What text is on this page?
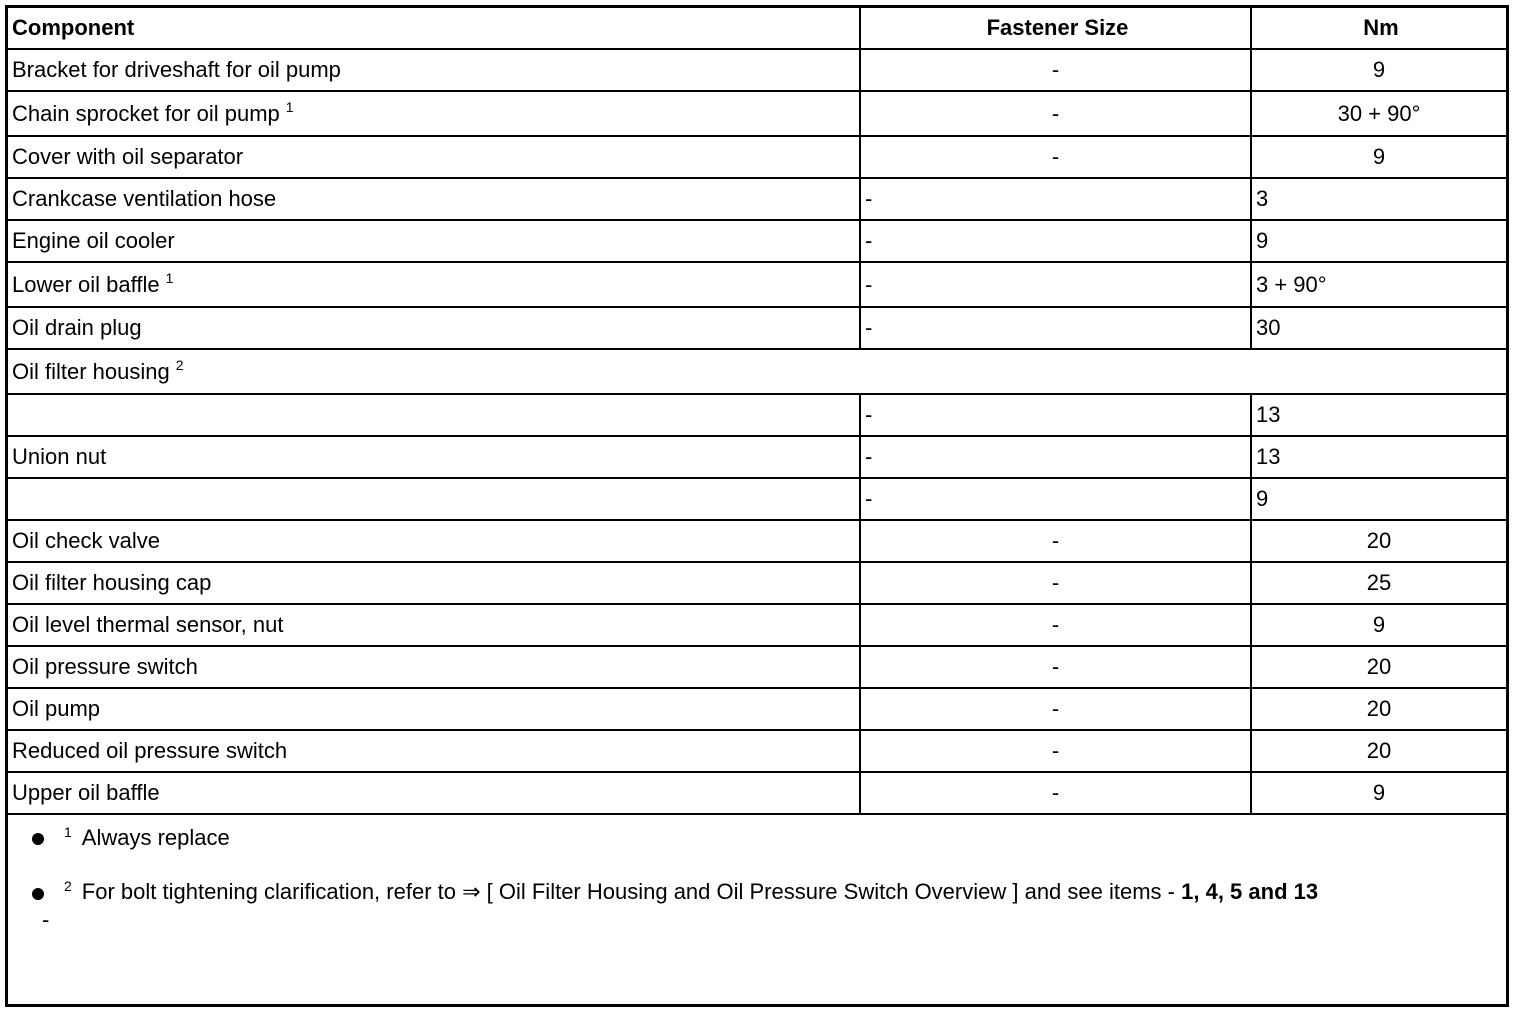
Component	Fastener Size	Nm
Bracket for driveshaft for oil pump	-	9
Chain sprocket for oil pump $^1$	-	30 + 90°
Cover with oil separator	-	9
Crankcase ventilation hose	-	3
Engine oil cooler	-	9
Lower oil baffle $^1$	-	3 + 90°
Oil drain plug	-	30
Oil filter housing $^2$
	-	13
Union nut	-	13
	-	9
Oil check valve	-	20
Oil filter housing cap	-	25
Oil level thermal sensor, nut	-	9
Oil pressure switch	-	20
Oil pump	-	20
Reduced oil pressure switch	-	20
Upper oil baffle	-	9
$^1$ Always replace
$^2$ For bolt tightening clarification, refer to ⇒ [ Oil Filter Housing and Oil Pressure Switch Overview ] and see items - 1, 4, 5 and 13
-
